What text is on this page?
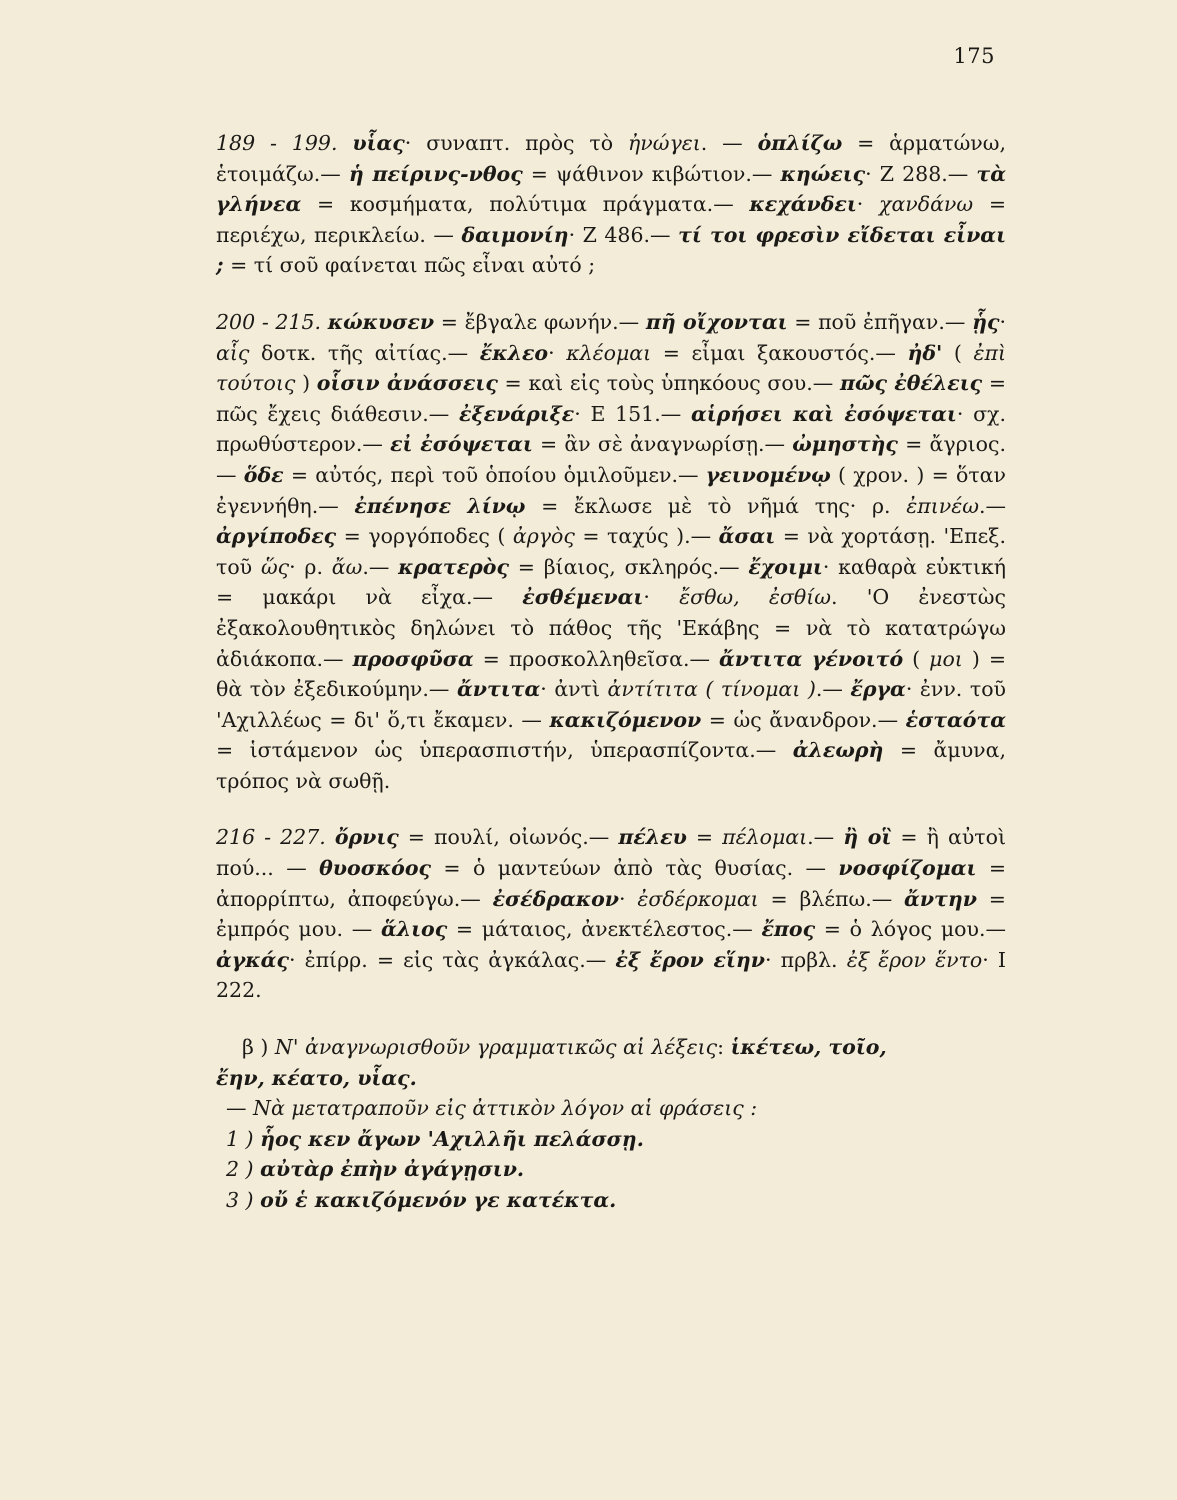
175

189 - 199. υἷας· συναπτ. πρὸς τὸ ἠνώγει. — ὁπλίζω = ἁρματώνω, ἑτοιμάζω.— ἡ πείρινς-νθος = ψάθινον κιβώτιον.— κηώεις· Ζ 288.— τὰ γλήνεα = κοσμήματα, πολύτιμα πράγματα.— κεχάνδει· χανδάνω = περιέχω, περικλείω. — δαιμονίη· Ζ 486.— τί τοι φρεσὶν εἴδεται εἶναι ; = τί σοῦ φαίνεται πῶς εἶναι αὐτό ;

200 - 215. κώκυσεν = ἔβγαλε φωνήν.— πῆ οἴχονται = ποῦ ἐπῆγαν.— ᾗς· αἷς δοτκ. τῆς αἰτίας.— ἔκλεο· κλέομαι = εἶμαι ξακουστός.— ἠδ' ( ἐπὶ τούτοις ) οἷσιν ἀνάσσεις = καὶ εἰς τοὺς ὑπηκόους σου.— πῶς ἐθέλεις = πῶς ἔχεις διάθεσιν.— ἐξενάριξε· Ε 151.— αἱρήσει καὶ ἐσόψεται· σχ. πρωθύστερον.— εἰ ἐσόψεται = ἂν σὲ ἀναγνωρίσῃ.— ὠμηστὴς = ἄγριος.— ὅδε = αὐτός, περὶ τοῦ ὁποίου ὁμιλοῦμεν.— γεινομένῳ ( χρον. ) = ὅταν ἐγεννήθη.— ἐπένησε λίνῳ = ἔκλωσε μὲ τὸ νῆμά της· ρ. ἐπινέω.— ἀργίποδες = γοργόποδες ( ἀργὸς = ταχύς ).— ἄσαι = νὰ χορτάσῃ. 'Επεξ. τοῦ ὥς· ρ. ἄω.— κρατερὸς = βίαιος, σκληρός.— ἔχοιμι· καθαρὰ εὐκτική = μακάρι νὰ εἶχα.— ἐσθέμεναι· ἔσθω, ἐσθίω. 'Ο ἐνεστὼς ἐξακολουθητικὸς δηλώνει τὸ πάθος τῆς 'Εκάβης = νὰ τὸ κατατρώγω ἀδιάκοπα.— προσφῦσα = προσκολληθεῖσα.— ἄντιτα γένοιτό ( μοι ) = θὰ τὸν ἐξεδικούμην.— ἄντιτα· ἀντὶ ἀντίτιτα ( τίνομαι ).— ἔργα· ἐνν. τοῦ 'Αχιλλέως = δι' ὅ,τι ἔκαμεν. — κακιζόμενον = ὡς ἄνανδρον.— ἑσταότα = ἱστάμενον ὡς ὑπερασπιστήν, ὑπερασπίζοντα.— ἀλεωρὴ = ἄμυνα, τρόπος νὰ σωθῇ.

216 - 227. ὄρνις = πουλί, οἰωνός.— πέλευ = πέλομαι.— ἢ οἳ = ἢ αὐτοὶ πού... — θυοσκόος = ὁ μαντεύων ἀπὸ τὰς θυσίας. — νοσφίζομαι = ἀπορρίπτω, ἀποφεύγω.— ἐσέδρακον· ἐσδέρκομαι = βλέπω.— ἄντην = ἐμπρός μου. — ἅλιος = μάταιος, ἀνεκτέλεστος.— ἔπος = ὁ λόγος μου.— ἀγκάς· ἐπίρρ. = εἰς τὰς ἀγκάλας.— ἐξ ἔρον εἵην· πρβλ. ἐξ ἔρον ἕντο· Ι 222.

β ) Ν' ἀναγνωρισθοῦν γραμματικῶς αἱ λέξεις: ἱκέτεω, τοῖο,

ἔην, κέατο, υἷας.

— Νὰ μετατραποῦν εἰς ἀττικὸν λόγον αἱ φράσεις :

1 ) ἧος κεν ἄγων 'Αχιλλῆι πελάσσῃ.

2 ) αὐτὰρ ἐπὴν ἀγάγῃσιν.

3 ) οὔ ἑ κακιζόμενόν γε κατέκτα.
